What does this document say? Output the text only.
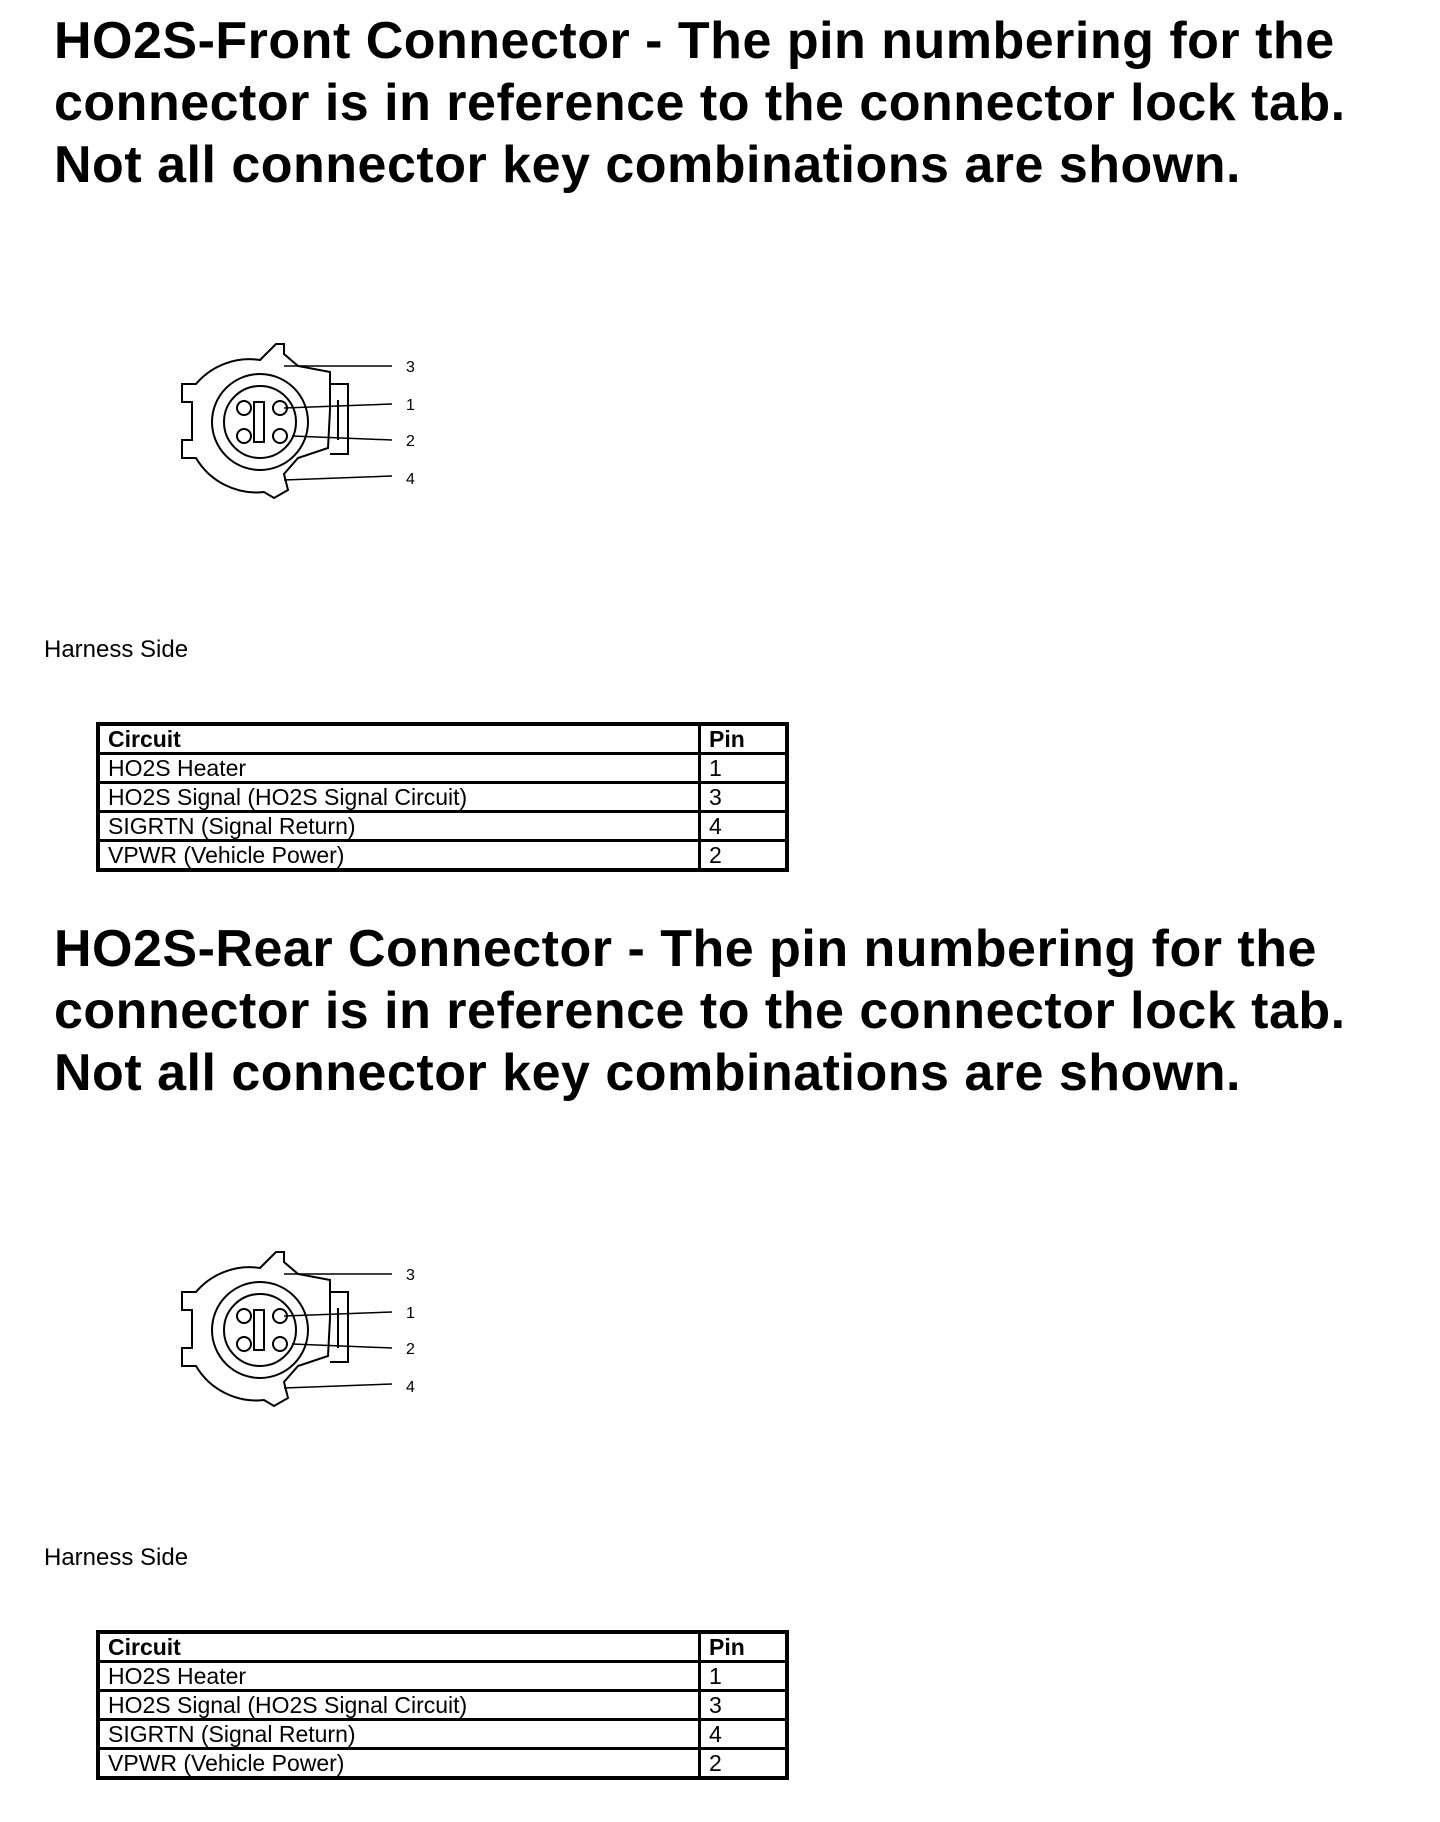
HO2S-Front Connector - The pin numbering for the connector is in reference to the connector lock tab. Not all connector key combinations are shown.
3
1
2
4

Harness Side

Circuit	Pin
HO2S Heater	1
HO2S Signal (HO2S Signal Circuit)	3
SIGRTN (Signal Return)	4
VPWR (Vehicle Power)	2
HO2S-Rear Connector - The pin numbering for the connector is in reference to the connector lock tab. Not all connector key combinations are shown.
3
1
2
4

Harness Side

Circuit	Pin
HO2S Heater	1
HO2S Signal (HO2S Signal Circuit)	3
SIGRTN (Signal Return)	4
VPWR (Vehicle Power)	2
